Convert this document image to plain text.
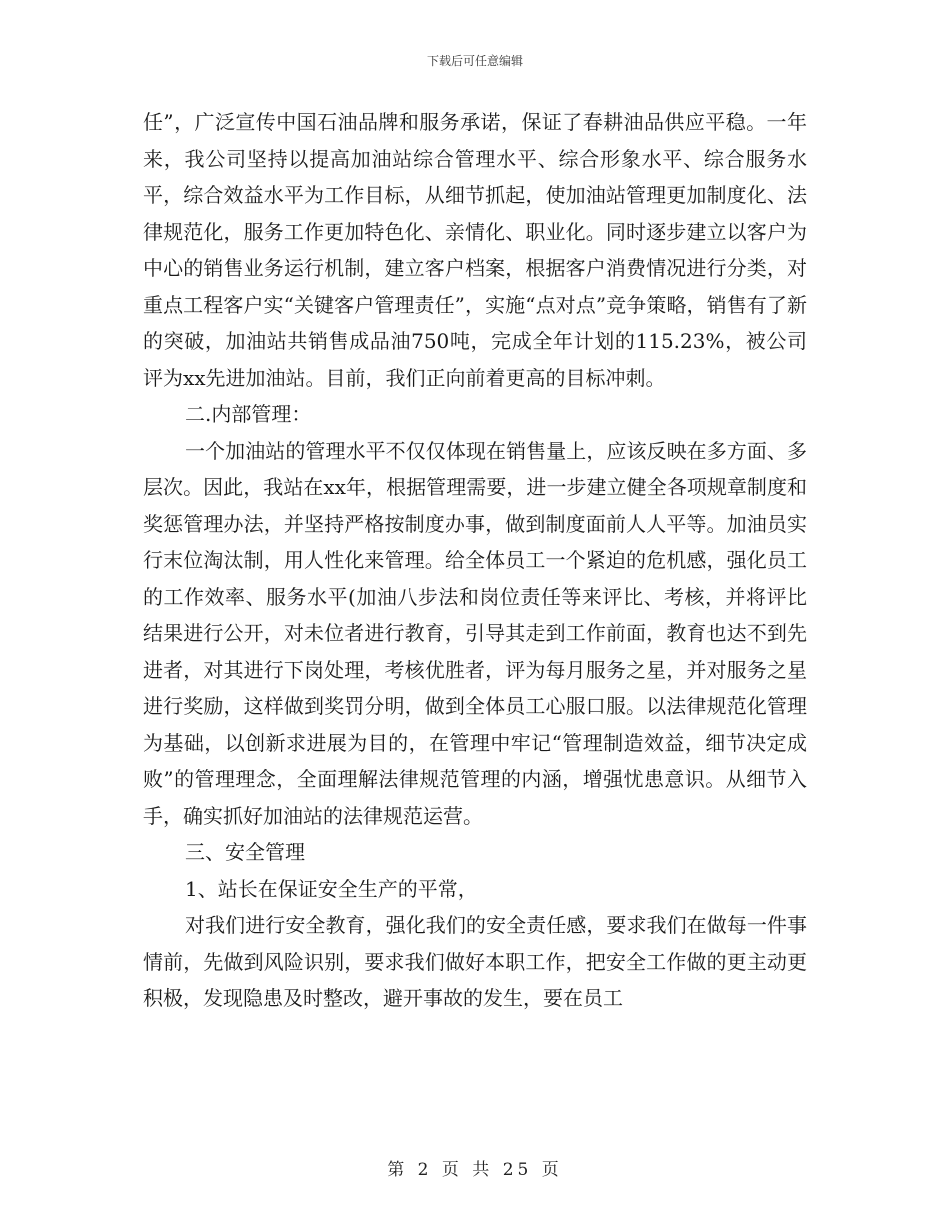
下载后可任意编辑

任”，广泛宣传中国石油品牌和服务承诺，保证了春耕油品供应平稳。一年来，我公司坚持以提高加油站综合管理水平、综合形象水平、综合服务水平，综合效益水平为工作目标，从细节抓起，使加油站管理更加制度化、法律规范化，服务工作更加特色化、亲情化、职业化。同时逐步建立以客户为中心的销售业务运行机制，建立客户档案，根据客户消费情况进行分类，对重点工程客户实“关键客户管理责任”，实施“点对点”竞争策略，销售有了新的突破，加油站共销售成品油750吨，完成全年计划的115.23%，被公司评为xx先进加油站。目前，我们正向前着更高的目标冲刺。

二.内部管理：

一个加油站的管理水平不仅仅体现在销售量上，应该反映在多方面、多层次。因此，我站在xx年，根据管理需要，进一步建立健全各项规章制度和奖惩管理办法，并坚持严格按制度办事，做到制度面前人人平等。加油员实行末位淘汰制，用人性化来管理。给全体员工一个紧迫的危机感，强化员工的工作效率、服务水平(加油八步法和岗位责任等来评比、考核，并将评比结果进行公开，对未位者进行教育，引导其走到工作前面，教育也达不到先进者，对其进行下岗处理，考核优胜者，评为每月服务之星，并对服务之星进行奖励，这样做到奖罚分明，做到全体员工心服口服。以法律规范化管理为基础，以创新求进展为目的，在管理中牢记“管理制造效益，细节决定成败”的管理理念，全面理解法律规范管理的内涵，增强忧患意识。从细节入手，确实抓好加油站的法律规范运营。

三、安全管理

1、站长在保证安全生产的平常，

对我们进行安全教育，强化我们的安全责任感，要求我们在做每一件事情前，先做到风险识别，要求我们做好本职工作，把安全工作做的更主动更积极，发现隐患及时整改，避开事故的发生，要在员工

第 2 页 共 25 页
